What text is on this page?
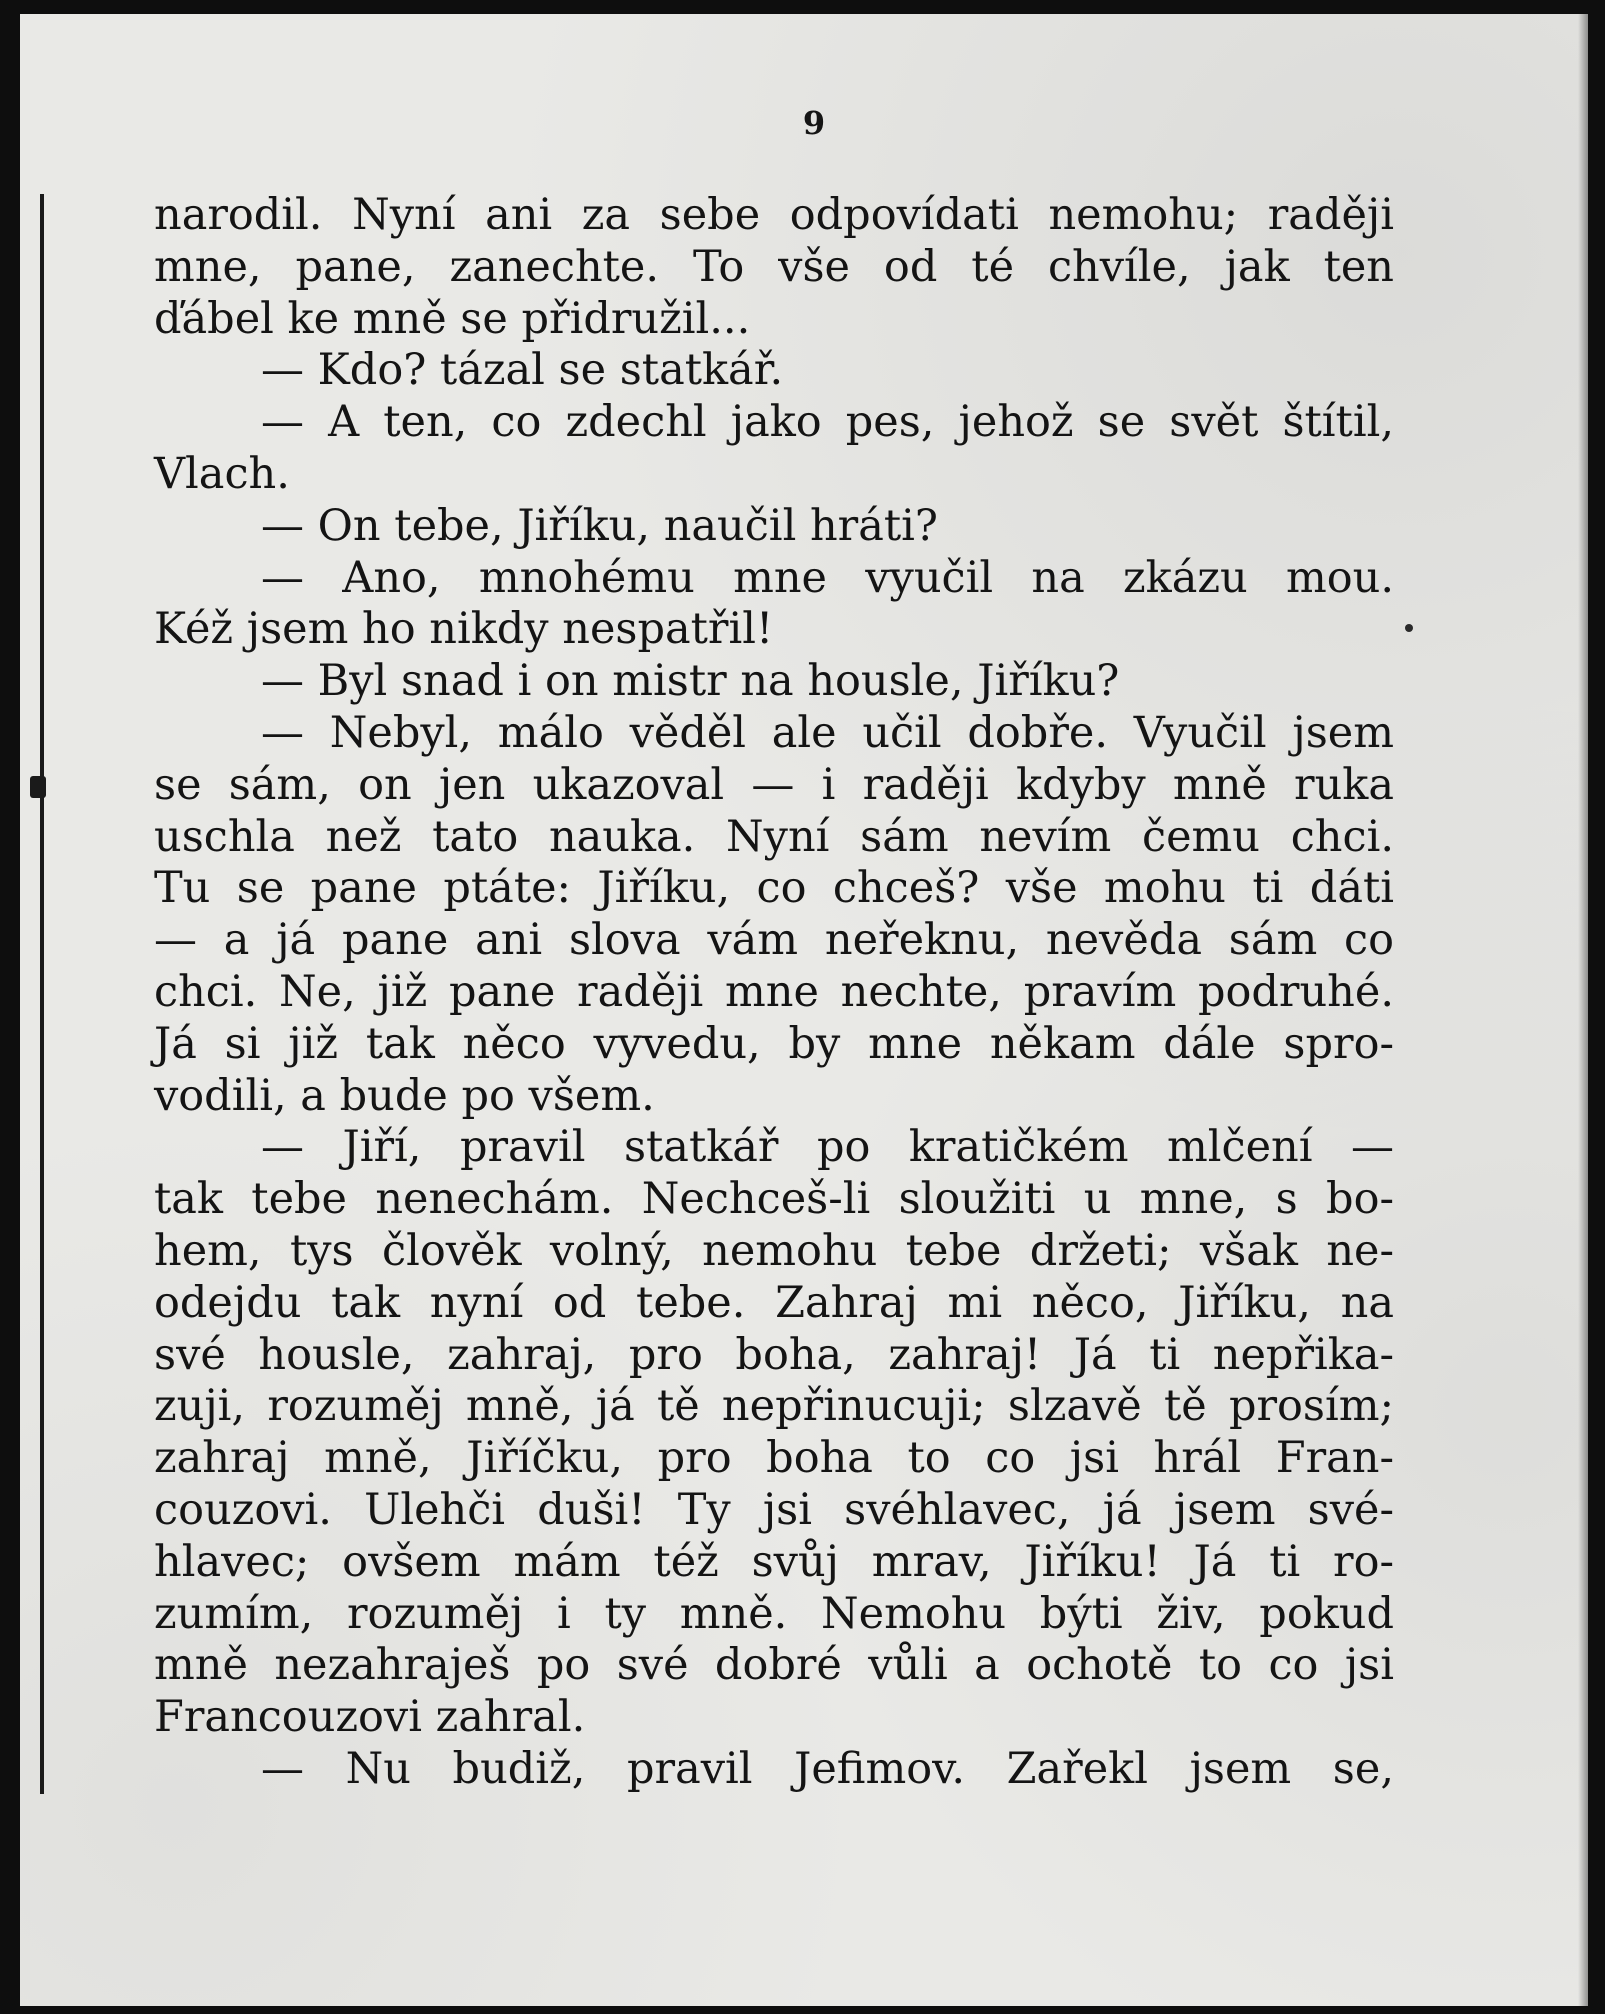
9
narodil. Nyní ani za sebe odpovídati nemohu; raději
mne, pane, zanechte. To vše od té chvíle, jak ten
ďábel ke mně se přidružil...
— Kdo? tázal se statkář.
— A ten, co zdechl jako pes, jehož se svět štítil,
Vlach.
— On tebe, Jiříku, naučil hráti?
— Ano, mnohému mne vyučil na zkázu mou.
Kéž jsem ho nikdy nespatřil!
— Byl snad i on mistr na housle, Jiříku?
— Nebyl, málo věděl ale učil dobře. Vyučil jsem
se sám, on jen ukazoval — i raději kdyby mně ruka
uschla než tato nauka. Nyní sám nevím čemu chci.
Tu se pane ptáte: Jiříku, co chceš? vše mohu ti dáti
— a já pane ani slova vám neřeknu, nevěda sám co
chci. Ne, již pane raději mne nechte, pravím podruhé.
Já si již tak něco vyvedu, by mne někam dále spro-
vodili, a bude po všem.
— Jiří, pravil statkář po kratičkém mlčení —
tak tebe nenechám. Nechceš-li sloužiti u mne, s bo-
hem, tys člověk volný, nemohu tebe držeti; však ne-
odejdu tak nyní od tebe. Zahraj mi něco, Jiříku, na
své housle, zahraj, pro boha, zahraj! Já ti nepřika-
zuji, rozuměj mně, já tě nepřinucuji; slzavě tě prosím;
zahraj mně, Jiříčku, pro boha to co jsi hrál Fran-
couzovi. Ulehči duši! Ty jsi svéhlavec, já jsem své-
hlavec; ovšem mám též svůj mrav, Jiříku! Já ti ro-
zumím, rozuměj i ty mně. Nemohu býti živ, pokud
mně nezahraješ po své dobré vůli a ochotě to co jsi
Francouzovi zahral.
— Nu budiž, pravil Jefimov. Zařekl jsem se,
